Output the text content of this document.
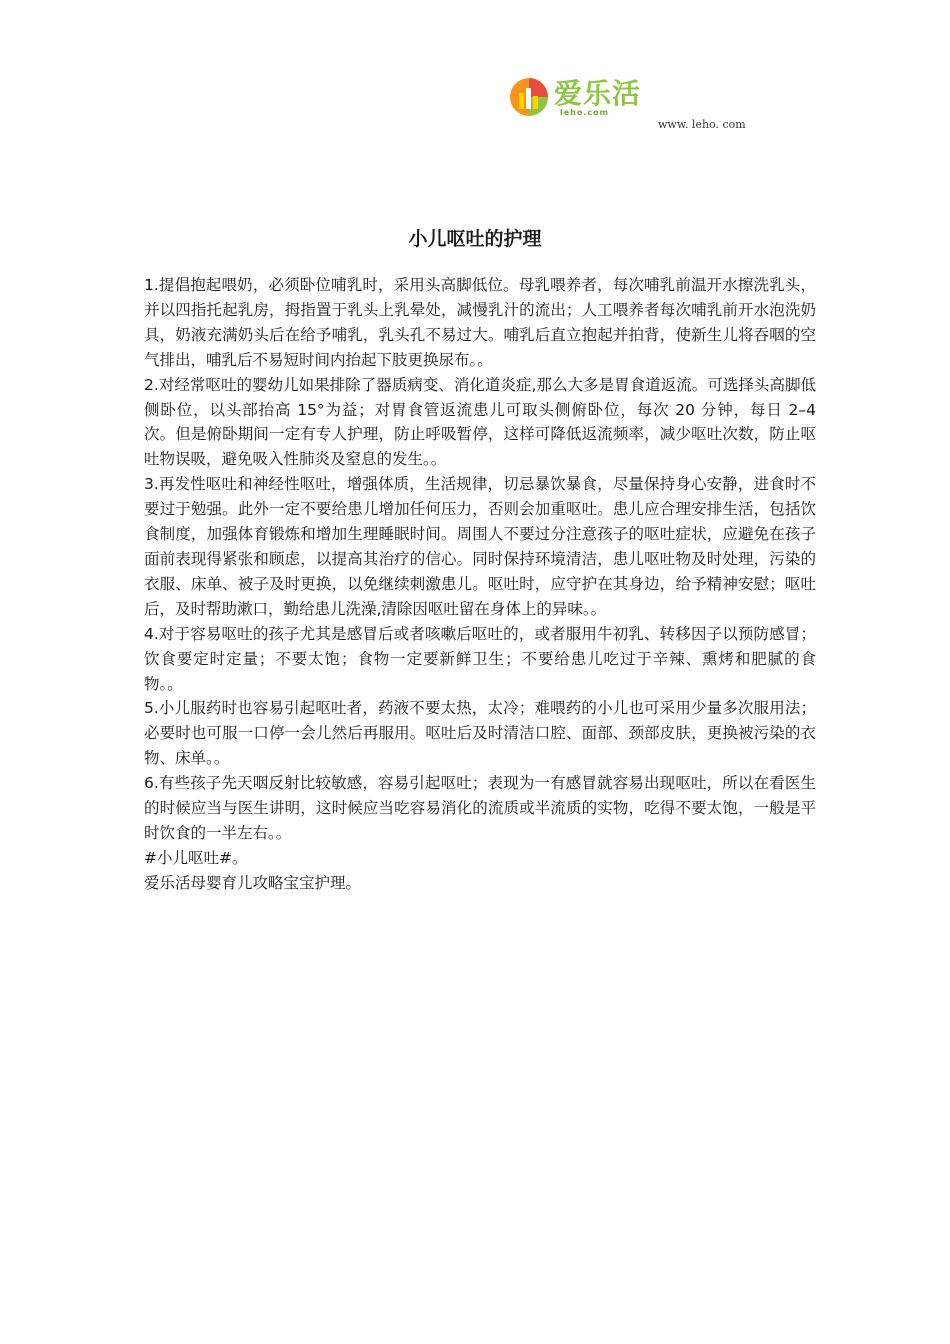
爱乐活
leho.com
www. leho. com
小儿呕吐的护理

1.提倡抱起喂奶，必须卧位哺乳时，采用头高脚低位。母乳喂养者，每次哺乳前温开水擦洗乳头，并以四指托起乳房，拇指置于乳头上乳晕处，减慢乳汁的流出；人工喂养者每次哺乳前开水泡洗奶具，奶液充满奶头后在给予哺乳，乳头孔不易过大。哺乳后直立抱起并拍背，使新生儿将吞咽的空气排出，哺乳后不易短时间内抬起下肢更换尿布。。

2.对经常呕吐的婴幼儿如果排除了器质病变、消化道炎症,那么大多是胃食道返流。可选择头高脚低侧卧位，以头部抬高 15°为益；对胃食管返流患儿可取头侧俯卧位，每次 20 分钟，每日 2–4 次。但是俯卧期间一定有专人护理，防止呼吸暂停，这样可降低返流频率，减少呕吐次数，防止呕吐物误吸，避免吸入性肺炎及窒息的发生。。

3.再发性呕吐和神经性呕吐，增强体质，生活规律，切忌暴饮暴食，尽量保持身心安静，进食时不要过于勉强。此外一定不要给患儿增加任何压力，否则会加重呕吐。患儿应合理安排生活，包括饮食制度，加强体育锻炼和增加生理睡眠时间。周围人不要过分注意孩子的呕吐症状，应避免在孩子面前表现得紧张和顾虑，以提高其治疗的信心。同时保持环境清洁，患儿呕吐物及时处理，污染的衣服、床单、被子及时更换，以免继续刺激患儿。呕吐时，应守护在其身边，给予精神安慰；呕吐后，及时帮助漱口，勤给患儿洗澡,清除因呕吐留在身体上的异味。。

4.对于容易呕吐的孩子尤其是感冒后或者咳嗽后呕吐的，或者服用牛初乳、转移因子以预防感冒；饮食要定时定量；不要太饱；食物一定要新鲜卫生；不要给患儿吃过于辛辣、熏烤和肥腻的食物。。

5.小儿服药时也容易引起呕吐者，药液不要太热，太冷；难喂药的小儿也可采用少量多次服用法；必要时也可服一口停一会儿然后再服用。呕吐后及时清洁口腔、面部、颈部皮肤，更换被污染的衣物、床单。。

6.有些孩子先天咽反射比较敏感，容易引起呕吐；表现为一有感冒就容易出现呕吐，所以在看医生的时候应当与医生讲明，这时候应当吃容易消化的流质或半流质的实物，吃得不要太饱，一般是平时饮食的一半左右。。

#小儿呕吐#。

爱乐活母婴育儿攻略宝宝护理。
